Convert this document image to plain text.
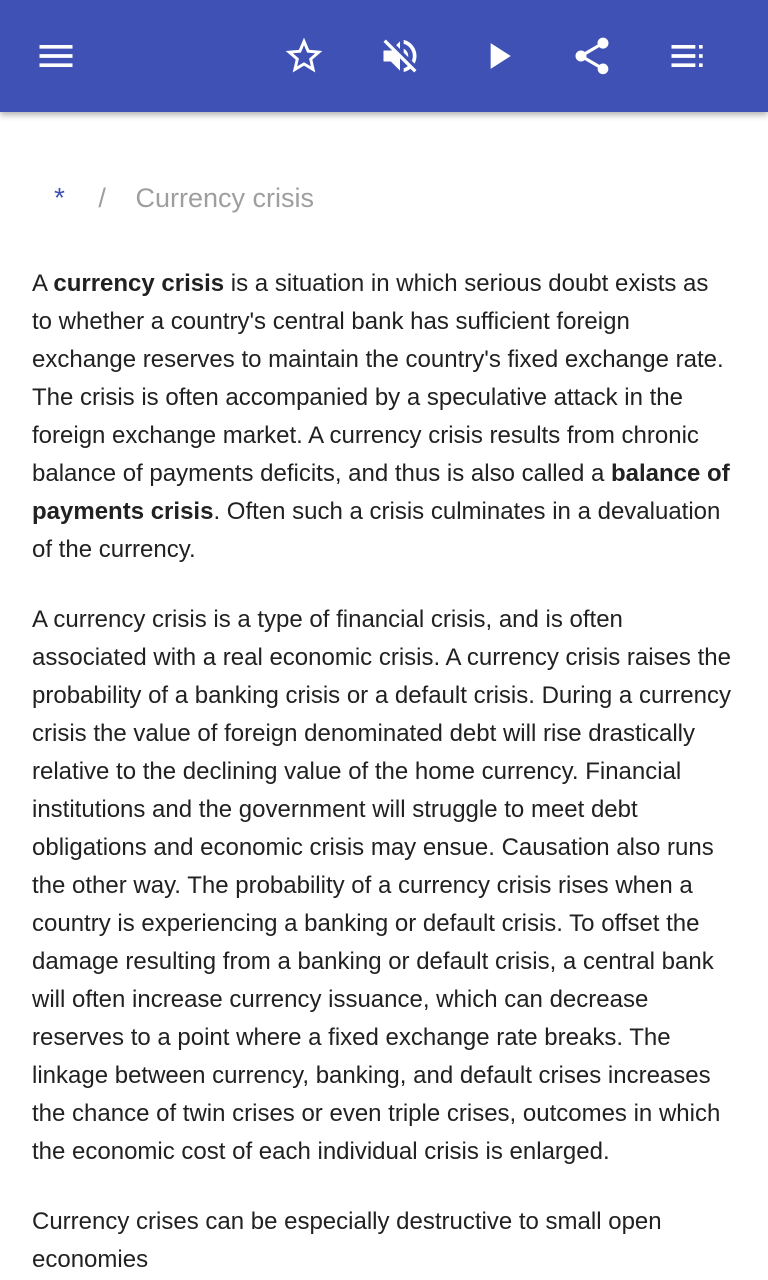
* / Currency crisis

A currency crisis is a situation in which serious doubt exists as to whether a country's central bank has sufficient foreign exchange reserves to maintain the country's fixed exchange rate. The crisis is often accompanied by a speculative attack in the foreign exchange market. A currency crisis results from chronic balance of payments deficits, and thus is also called a balance of payments crisis. Often such a crisis culminates in a devaluation of the currency.

A currency crisis is a type of financial crisis, and is often associated with a real economic crisis. A currency crisis raises the probability of a banking crisis or a default crisis. During a currency crisis the value of foreign denominated debt will rise drastically relative to the declining value of the home currency. Financial institutions and the government will struggle to meet debt obligations and economic crisis may ensue. Causation also runs the other way. The probability of a currency crisis rises when a country is experiencing a banking or default crisis. To offset the damage resulting from a banking or default crisis, a central bank will often increase currency issuance, which can decrease reserves to a point where a fixed exchange rate breaks. The linkage between currency, banking, and default crises increases the chance of twin crises or even triple crises, outcomes in which the economic cost of each individual crisis is enlarged.

Currency crises can be especially destructive to small open economies
